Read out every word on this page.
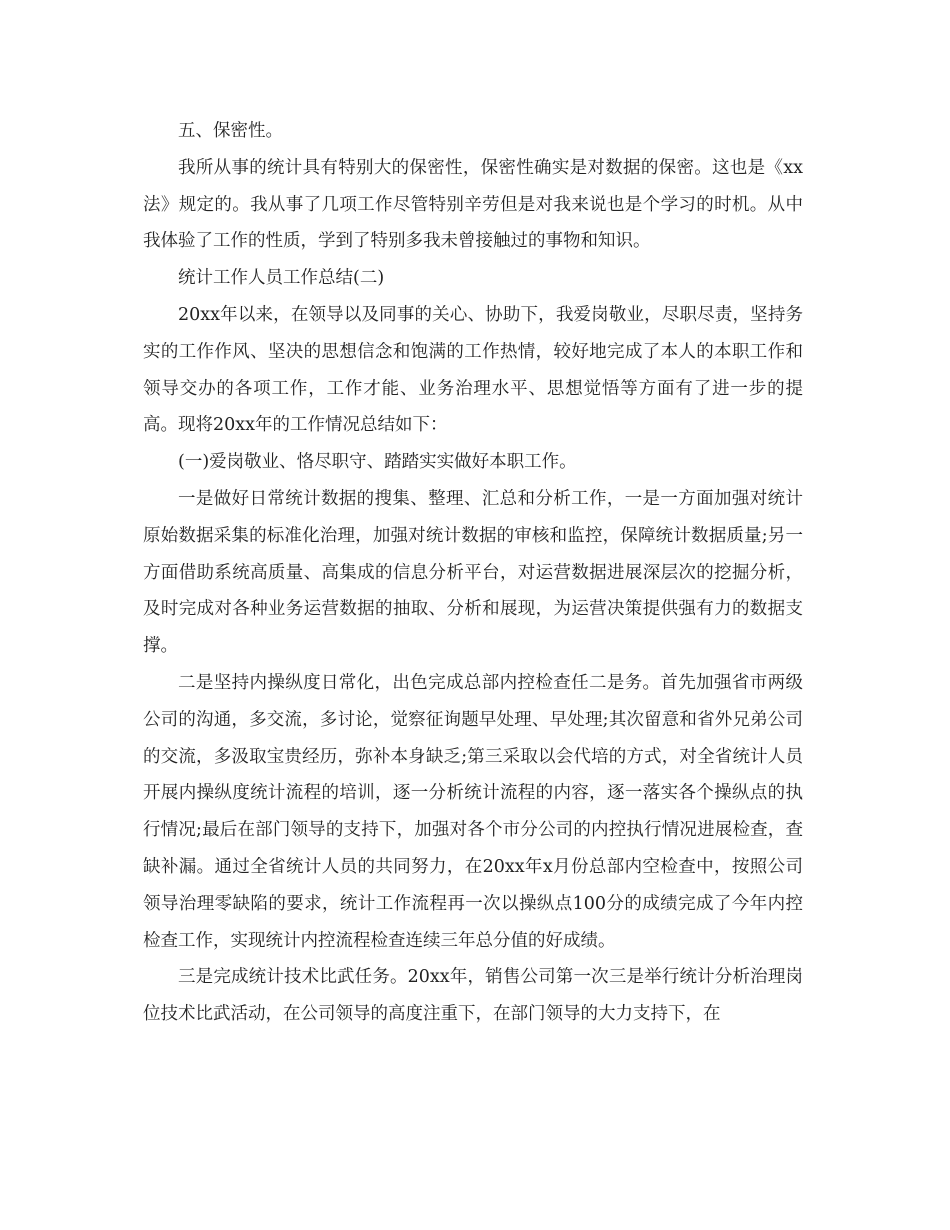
五、保密性。

我所从事的统计具有特别大的保密性，保密性确实是对数据的保密。这也是《xx法》规定的。我从事了几项工作尽管特别辛劳但是对我来说也是个学习的时机。从中我体验了工作的性质，学到了特别多我未曾接触过的事物和知识。

统计工作人员工作总结(二)

20xx年以来，在领导以及同事的关心、协助下，我爱岗敬业，尽职尽责，坚持务实的工作作风、坚决的思想信念和饱满的工作热情，较好地完成了本人的本职工作和领导交办的各项工作，工作才能、业务治理水平、思想觉悟等方面有了进一步的提高。现将20xx年的工作情况总结如下：

(一)爱岗敬业、恪尽职守、踏踏实实做好本职工作。

一是做好日常统计数据的搜集、整理、汇总和分析工作，一是一方面加强对统计原始数据采集的标准化治理，加强对统计数据的审核和监控，保障统计数据质量;另一方面借助系统高质量、高集成的信息分析平台，对运营数据进展深层次的挖掘分析，及时完成对各种业务运营数据的抽取、分析和展现，为运营决策提供强有力的数据支撑。

二是坚持内操纵度日常化，出色完成总部内控检查任二是务。首先加强省市两级公司的沟通，多交流，多讨论，觉察征询题早处理、早处理;其次留意和省外兄弟公司的交流，多汲取宝贵经历，弥补本身缺乏;第三采取以会代培的方式，对全省统计人员开展内操纵度统计流程的培训，逐一分析统计流程的内容，逐一落实各个操纵点的执行情况;最后在部门领导的支持下，加强对各个市分公司的内控执行情况进展检查，查缺补漏。通过全省统计人员的共同努力，在20xx年x月份总部内空检查中，按照公司领导治理零缺陷的要求，统计工作流程再一次以操纵点100分的成绩完成了今年内控检查工作，实现统计内控流程检查连续三年总分值的好成绩。

三是完成统计技术比武任务。20xx年，销售公司第一次三是举行统计分析治理岗位技术比武活动，在公司领导的高度注重下，在部门领导的大力支持下，在
